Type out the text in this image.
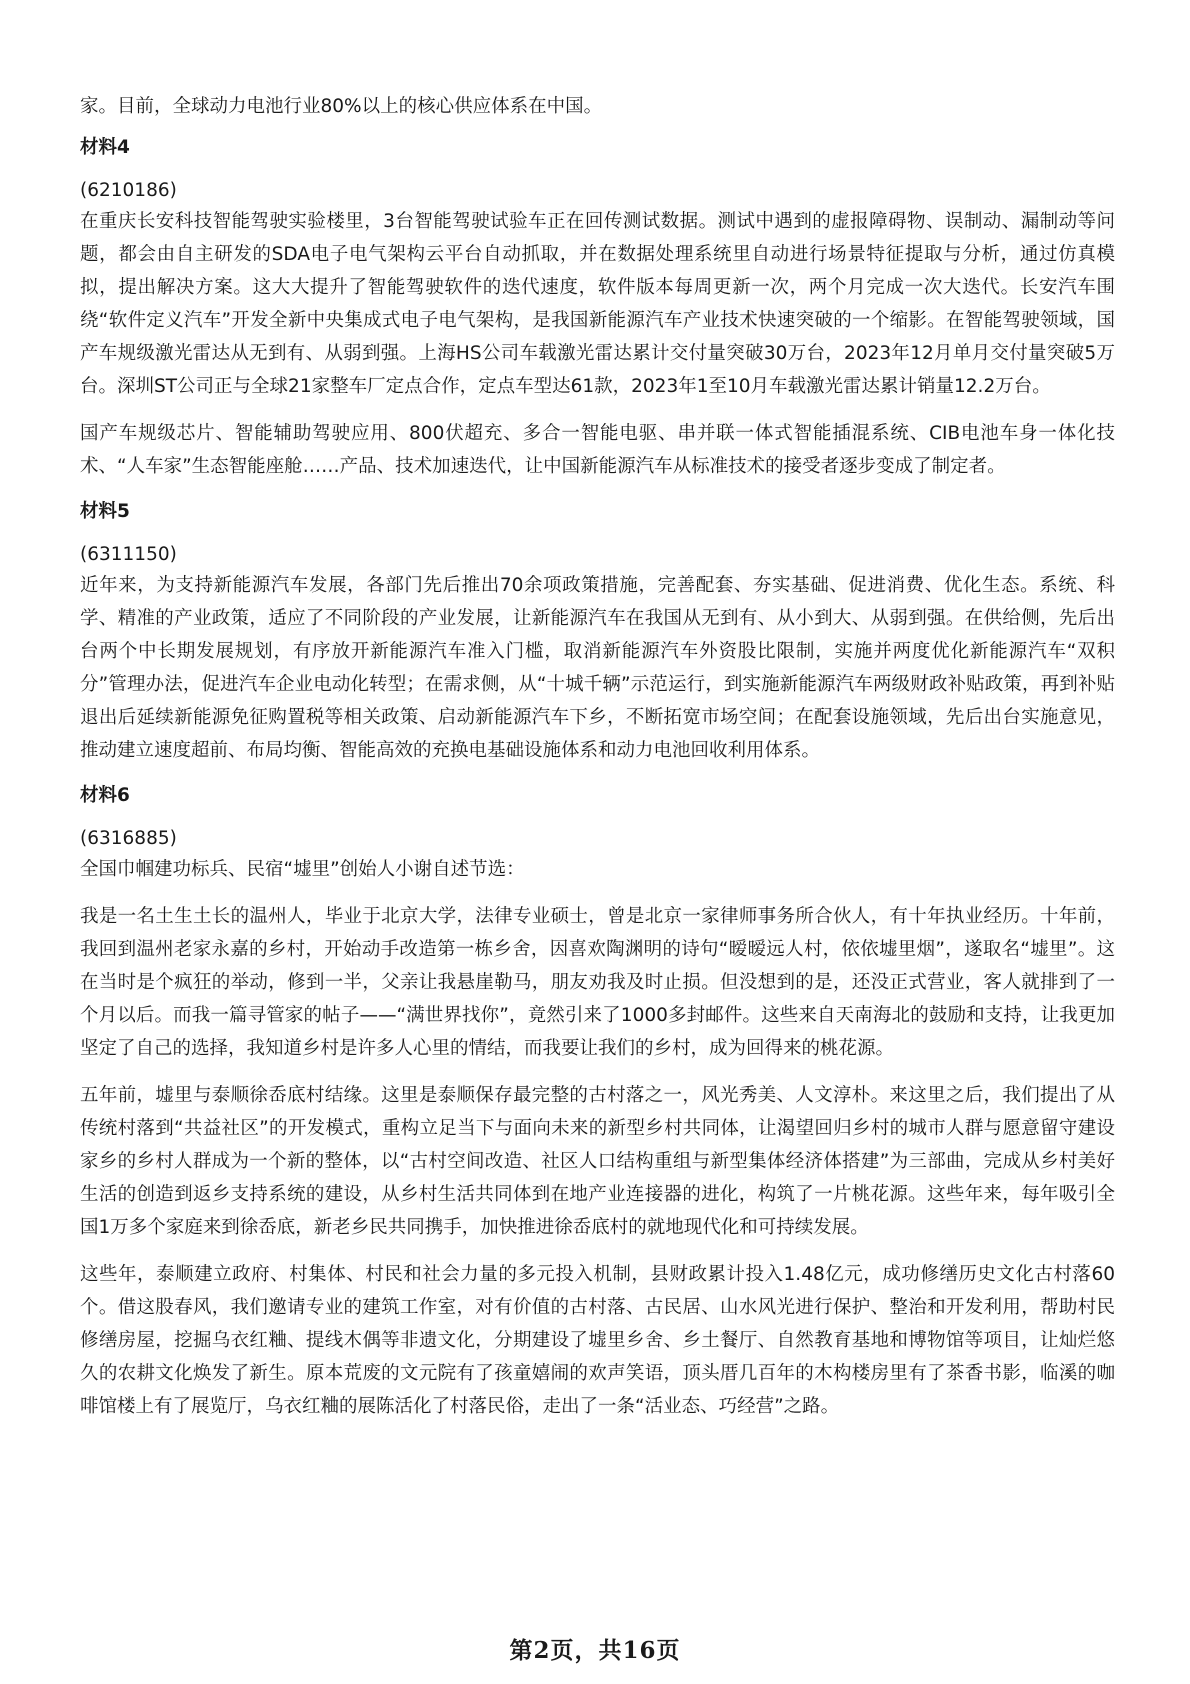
家。目前，全球动力电池行业80%以上的核心供应体系在中国。

材料4

(6210186)

在重庆长安科技智能驾驶实验楼里，3台智能驾驶试验车正在回传测试数据。测试中遇到的虚报障碍物、误制动、漏制动等问题，都会由自主研发的SDA电子电气架构云平台自动抓取，并在数据处理系统里自动进行场景特征提取与分析，通过仿真模拟，提出解决方案。这大大提升了智能驾驶软件的迭代速度，软件版本每周更新一次，两个月完成一次大迭代。长安汽车围绕“软件定义汽车”开发全新中央集成式电子电气架构，是我国新能源汽车产业技术快速突破的一个缩影。在智能驾驶领域，国产车规级激光雷达从无到有、从弱到强。上海HS公司车载激光雷达累计交付量突破30万台，2023年12月单月交付量突破5万台。深圳ST公司正与全球21家整车厂定点合作，定点车型达61款，2023年1至10月车载激光雷达累计销量12.2万台。

国产车规级芯片、智能辅助驾驶应用、800伏超充、多合一智能电驱、串并联一体式智能插混系统、CIB电池车身一体化技术、“人车家”生态智能座舱……产品、技术加速迭代，让中国新能源汽车从标准技术的接受者逐步变成了制定者。

材料5

(6311150)

近年来，为支持新能源汽车发展，各部门先后推出70余项政策措施，完善配套、夯实基础、促进消费、优化生态。系统、科学、精准的产业政策，适应了不同阶段的产业发展，让新能源汽车在我国从无到有、从小到大、从弱到强。在供给侧，先后出台两个中长期发展规划，有序放开新能源汽车准入门槛，取消新能源汽车外资股比限制，实施并两度优化新能源汽车“双积分”管理办法，促进汽车企业电动化转型；在需求侧，从“十城千辆”示范运行，到实施新能源汽车两级财政补贴政策，再到补贴退出后延续新能源免征购置税等相关政策、启动新能源汽车下乡，不断拓宽市场空间；在配套设施领域，先后出台实施意见，推动建立速度超前、布局均衡、智能高效的充换电基础设施体系和动力电池回收利用体系。

材料6

(6316885)

全国巾帼建功标兵、民宿“墟里”创始人小谢自述节选：

我是一名土生土长的温州人，毕业于北京大学，法律专业硕士，曾是北京一家律师事务所合伙人，有十年执业经历。十年前，我回到温州老家永嘉的乡村，开始动手改造第一栋乡舍，因喜欢陶渊明的诗句“暧暧远人村，依依墟里烟”，遂取名“墟里”。这在当时是个疯狂的举动，修到一半，父亲让我悬崖勒马，朋友劝我及时止损。但没想到的是，还没正式营业，客人就排到了一个月以后。而我一篇寻管家的帖子——“满世界找你”，竟然引来了1000多封邮件。这些来自天南海北的鼓励和支持，让我更加坚定了自己的选择，我知道乡村是许多人心里的情结，而我要让我们的乡村，成为回得来的桃花源。

五年前，墟里与泰顺徐岙底村结缘。这里是泰顺保存最完整的古村落之一，风光秀美、人文淳朴。来这里之后，我们提出了从传统村落到“共益社区”的开发模式，重构立足当下与面向未来的新型乡村共同体，让渴望回归乡村的城市人群与愿意留守建设家乡的乡村人群成为一个新的整体，以“古村空间改造、社区人口结构重组与新型集体经济体搭建”为三部曲，完成从乡村美好生活的创造到返乡支持系统的建设，从乡村生活共同体到在地产业连接器的进化，构筑了一片桃花源。这些年来，每年吸引全国1万多个家庭来到徐岙底，新老乡民共同携手，加快推进徐岙底村的就地现代化和可持续发展。

这些年，泰顺建立政府、村集体、村民和社会力量的多元投入机制，县财政累计投入1.48亿元，成功修缮历史文化古村落60个。借这股春风，我们邀请专业的建筑工作室，对有价值的古村落、古民居、山水风光进行保护、整治和开发利用，帮助村民修缮房屋，挖掘乌衣红粬、提线木偶等非遗文化，分期建设了墟里乡舍、乡土餐厅、自然教育基地和博物馆等项目，让灿烂悠久的农耕文化焕发了新生。原本荒废的文元院有了孩童嬉闹的欢声笑语，顶头厝几百年的木构楼房里有了茶香书影，临溪的咖啡馆楼上有了展览厅，乌衣红粬的展陈活化了村落民俗，走出了一条“活业态、巧经营”之路。

第2页，共16页
